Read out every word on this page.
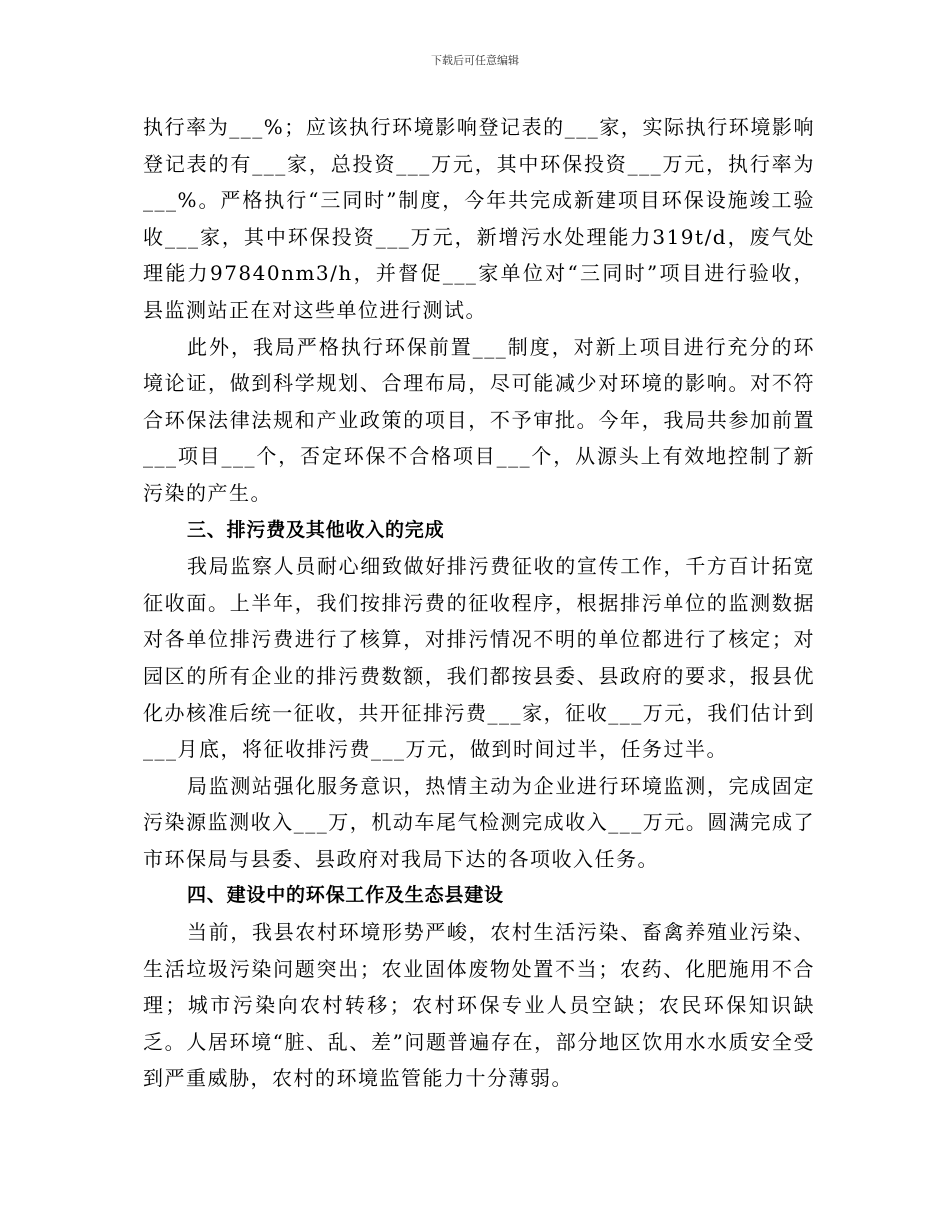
下载后可任意编辑

执行率为___%；应该执行环境影响登记表的___家，实际执行环境影响登记表的有___家，总投资___万元，其中环保投资___万元，执行率为___%。严格执行“三同时”制度，今年共完成新建项目环保设施竣工验收___家，其中环保投资___万元，新增污水处理能力319t/d，废气处理能力97840nm3/h，并督促___家单位对“三同时”项目进行验收，县监测站正在对这些单位进行测试。

此外，我局严格执行环保前置___制度，对新上项目进行充分的环境论证，做到科学规划、合理布局，尽可能减少对环境的影响。对不符合环保法律法规和产业政策的项目，不予审批。今年，我局共参加前置___项目___个，否定环保不合格项目___个，从源头上有效地控制了新污染的产生。

三、排污费及其他收入的完成

我局监察人员耐心细致做好排污费征收的宣传工作，千方百计拓宽征收面。上半年，我们按排污费的征收程序，根据排污单位的监测数据对各单位排污费进行了核算，对排污情况不明的单位都进行了核定；对园区的所有企业的排污费数额，我们都按县委、县政府的要求，报县优化办核准后统一征收，共开征排污费___家，征收___万元，我们估计到___月底，将征收排污费___万元，做到时间过半，任务过半。

局监测站强化服务意识，热情主动为企业进行环境监测，完成固定污染源监测收入___万，机动车尾气检测完成收入___万元。圆满完成了市环保局与县委、县政府对我局下达的各项收入任务。

四、建设中的环保工作及生态县建设

当前，我县农村环境形势严峻，农村生活污染、畜禽养殖业污染、生活垃圾污染问题突出；农业固体废物处置不当；农药、化肥施用不合理；城市污染向农村转移；农村环保专业人员空缺；农民环保知识缺乏。人居环境“脏、乱、差”问题普遍存在，部分地区饮用水水质安全受到严重威胁，农村的环境监管能力十分薄弱。
